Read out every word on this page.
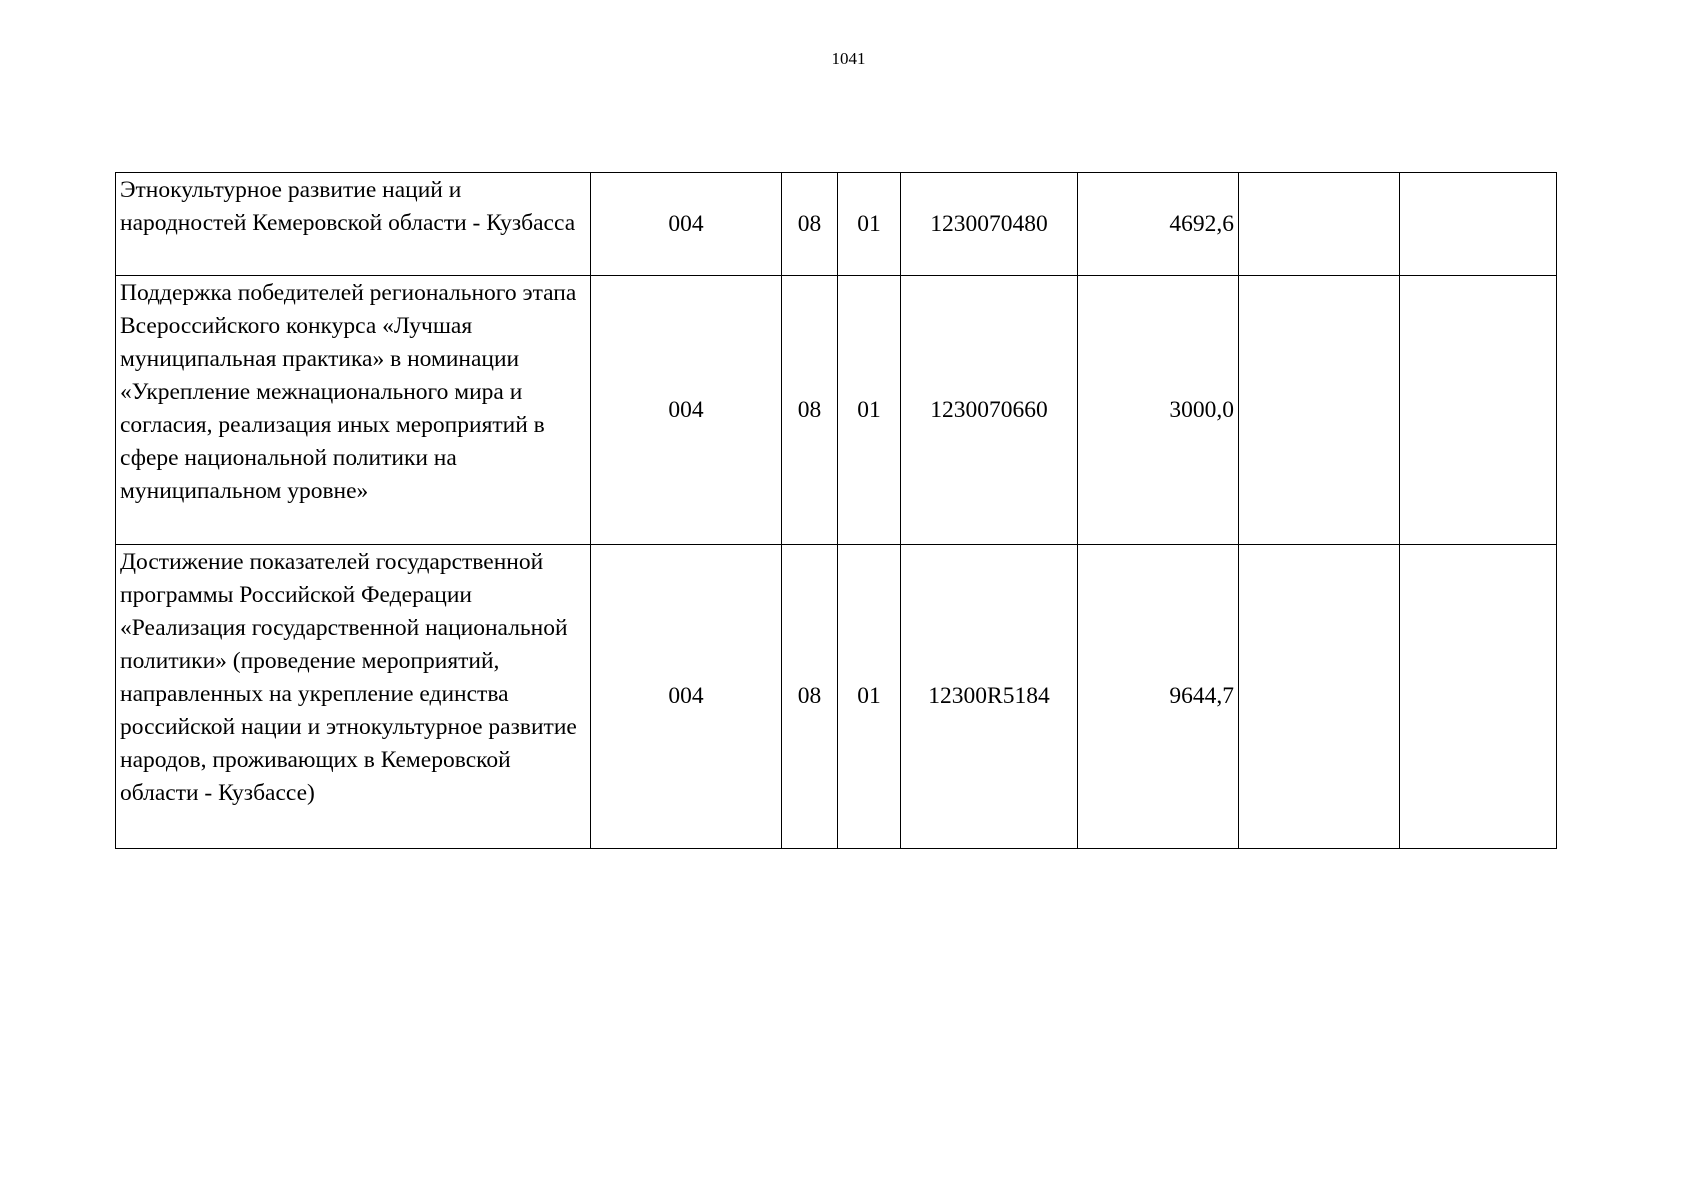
1041
Этнокультурное развитие наций и народностей Кемеровской области - Кузбасса	004	08	01	1230070480	4692,6		
Поддержка победителей регионального этапа Всероссийского конкурса «Лучшая муниципальная практика» в номинации «Укрепление межнационального мира и согласия, реализация иных мероприятий в сфере национальной политики на муниципальном уровне»	004	08	01	1230070660	3000,0		
Достижение показателей государственной программы Российской Федерации «Реализация государственной национальной политики» (проведение мероприятий, направленных на укрепление единства российской нации и этнокультурное развитие народов, проживающих в Кемеровской области - Кузбассе)	004	08	01	12300R5184	9644,7		
